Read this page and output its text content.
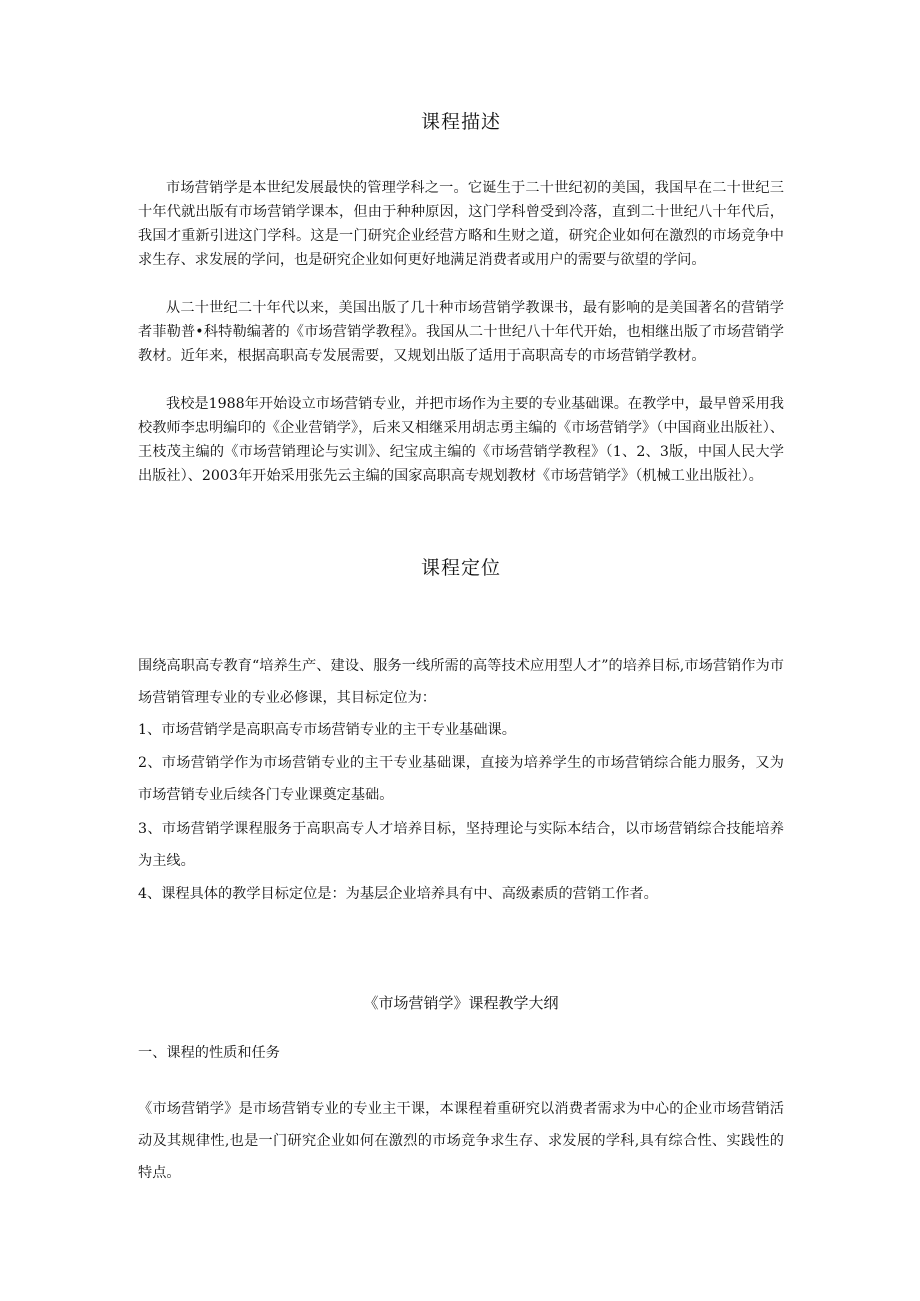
课程描述

市场营销学是本世纪发展最快的管理学科之一。它诞生于二十世纪初的美国，我国早在二十世纪三十年代就出版有市场营销学课本，但由于种种原因，这门学科曾受到冷落，直到二十世纪八十年代后，我国才重新引进这门学科。这是一门研究企业经营方略和生财之道，研究企业如何在激烈的市场竞争中求生存、求发展的学问，也是研究企业如何更好地满足消费者或用户的需要与欲望的学问。

从二十世纪二十年代以来，美国出版了几十种市场营销学教课书，最有影响的是美国著名的营销学者菲勒普•科特勒编著的《市场营销学教程》。我国从二十世纪八十年代开始，也相继出版了市场营销学教材。近年来，根据高职高专发展需要，又规划出版了适用于高职高专的市场营销学教材。

我校是1988年开始设立市场营销专业，并把市场作为主要的专业基础课。在教学中，最早曾采用我校教师李忠明编印的《企业营销学》，后来又相继采用胡志勇主编的《市场营销学》（中国商业出版社）、王枝茂主编的《市场营销理论与实训》、纪宝成主编的《市场营销学教程》（1、2、3版，中国人民大学出版社）、2003年开始采用张先云主编的国家高职高专规划教材《市场营销学》（机械工业出版社）。

课程定位

围绕高职高专教育“培养生产、建设、服务一线所需的高等技术应用型人才”的培养目标,市场营销作为市场营销管理专业的专业必修课，其目标定位为：

1、市场营销学是高职高专市场营销专业的主干专业基础课。

2、市场营销学作为市场营销专业的主干专业基础课，直接为培养学生的市场营销综合能力服务，又为市场营销专业后续各门专业课奠定基础。

3、市场营销学课程服务于高职高专人才培养目标，坚持理论与实际本结合，以市场营销综合技能培养为主线。

4、课程具体的教学目标定位是：为基层企业培养具有中、高级素质的营销工作者。

《市场营销学》课程教学大纲
一、课程的性质和任务

《市场营销学》是市场营销专业的专业主干课，本课程着重研究以消费者需求为中心的企业市场营销活动及其规律性,也是一门研究企业如何在激烈的市场竞争求生存、求发展的学科,具有综合性、实践性的特点。
